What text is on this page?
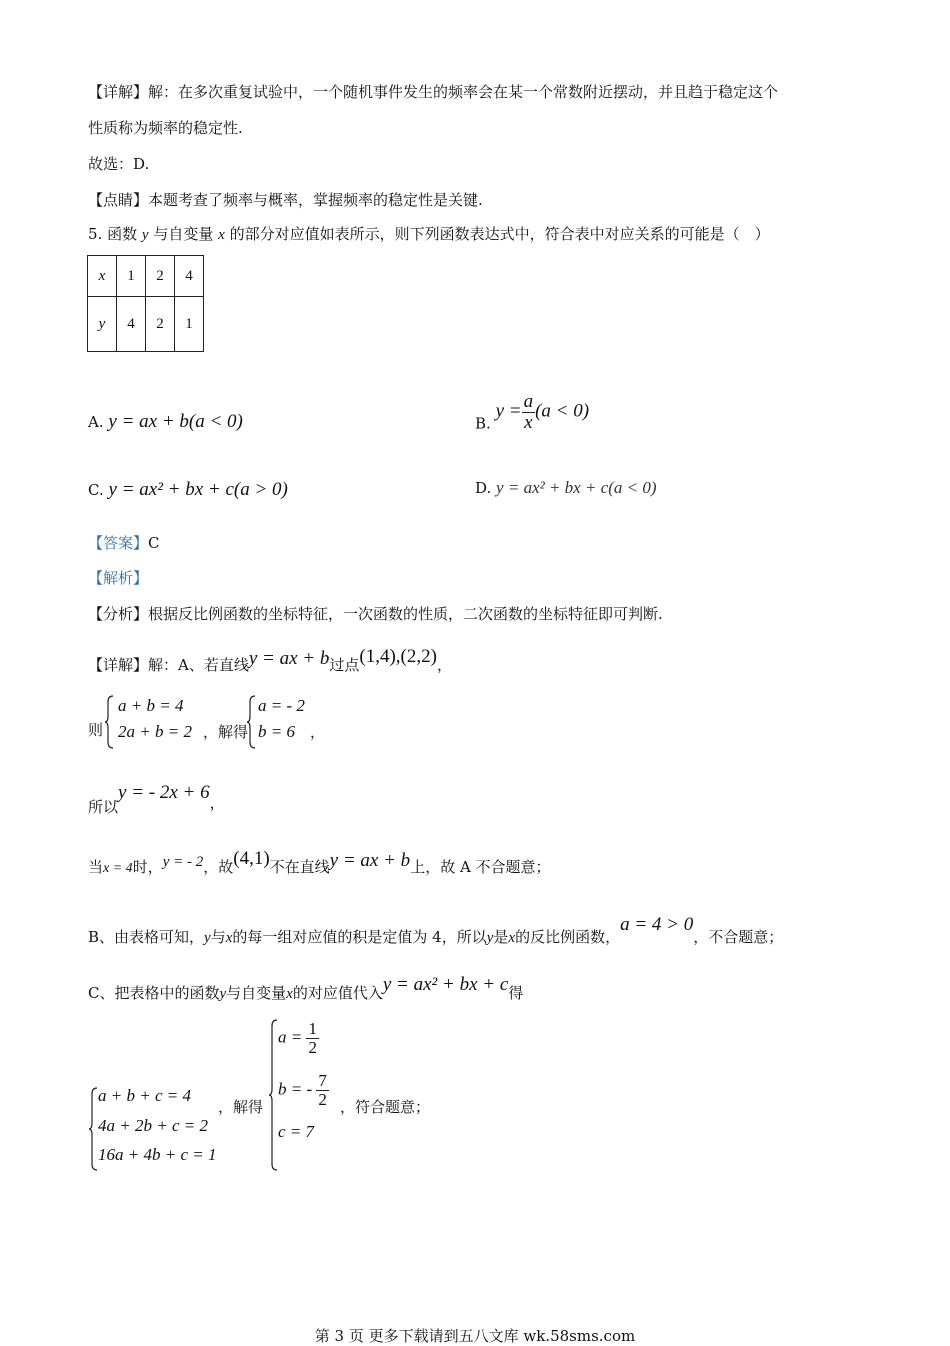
【详解】解：在多次重复试验中，一个随机事件发生的频率会在某一个常数附近摆动，并且趋于稳定这个
性质称为频率的稳定性.
故选：D.
【点睛】本题考查了频率与概率，掌握频率的稳定性是关键.
5. 函数 y 与自变量 x 的部分对应值如表所示，则下列函数表达式中，符合表中对应关系的可能是（　）
x	1	2	4
y	4	2	1
A. y = ax + b(a < 0)	B. $y = \frac{a}{x} (a < 0)$
C. y = ax² + bx + c(a > 0)	D. y = ax² + bx + c(a < 0)
【答案】C
【解析】
【分析】根据反比例函数的坐标特征，一次函数的性质，二次函数的坐标特征即可判断.
【详解】解：A、若直线y = ax + b过点(1,4),(2,2)，
则
a + b = 4
2a + b = 2 ，解得
a = - 2
b = 6 ，
所以y = - 2x + 6，
当x = 4时，y = - 2，故(4,1)不在直线y = ax + b上，故 A 不合题意；
B、由表格可知，y与x的每一组对应值的积是定值为 4，所以y是x的反比例函数，a = 4 > 0，不合题意；
C、把表格中的函数y与自变量x的对应值代入y = ax² + bx + c得
a + b + c = 4
4a + 2b + c = 2
16a + 4b + c = 1
，解得
$a = \frac{1}{2}$
b = - $\frac{7}{2}$
c = 7
，符合题意；
第 3 页 更多下载请到五八文库 wk.58sms.com
